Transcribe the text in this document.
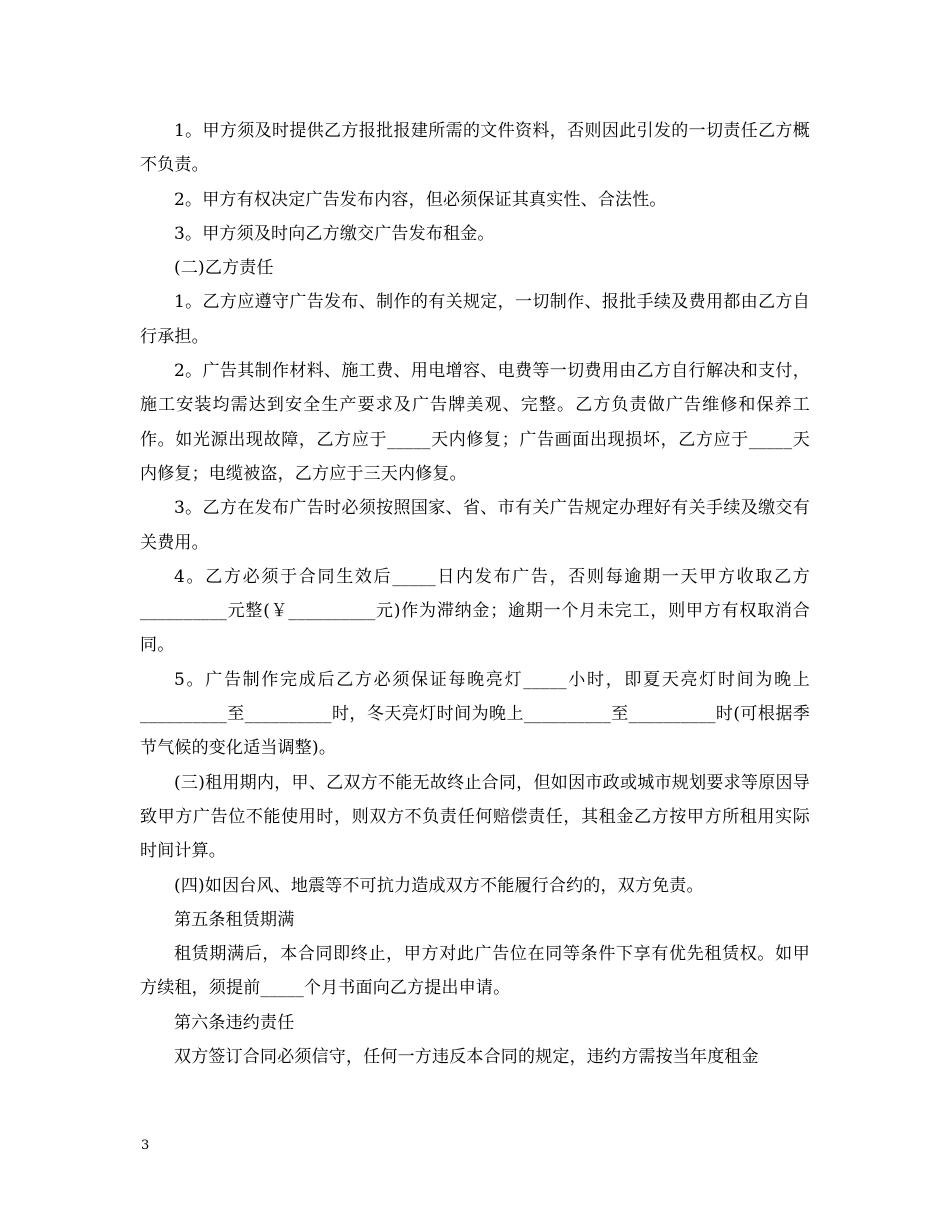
1。甲方须及时提供乙方报批报建所需的文件资料，否则因此引发的一切责任乙方概不负责。

2。甲方有权决定广告发布内容，但必须保证其真实性、合法性。

3。甲方须及时向乙方缴交广告发布租金。

(二)乙方责任

1。乙方应遵守广告发布、制作的有关规定，一切制作、报批手续及费用都由乙方自行承担。

2。广告其制作材料、施工费、用电增容、电费等一切费用由乙方自行解决和支付，施工安装均需达到安全生产要求及广告牌美观、完整。乙方负责做广告维修和保养工作。如光源出现故障，乙方应于_____天内修复；广告画面出现损坏，乙方应于_____天内修复；电缆被盗，乙方应于三天内修复。

3。乙方在发布广告时必须按照国家、省、市有关广告规定办理好有关手续及缴交有关费用。

4。乙方必须于合同生效后_____日内发布广告，否则每逾期一天甲方收取乙方__________元整(￥__________元)作为滞纳金；逾期一个月未完工，则甲方有权取消合同。

5。广告制作完成后乙方必须保证每晚亮灯_____小时，即夏天亮灯时间为晚上__________至__________时，冬天亮灯时间为晚上__________至__________时(可根据季节气候的变化适当调整)。

(三)租用期内，甲、乙双方不能无故终止合同，但如因市政或城市规划要求等原因导致甲方广告位不能使用时，则双方不负责任何赔偿责任，其租金乙方按甲方所租用实际时间计算。

(四)如因台风、地震等不可抗力造成双方不能履行合约的，双方免责。

第五条租赁期满

租赁期满后，本合同即终止，甲方对此广告位在同等条件下享有优先租赁权。如甲方续租，须提前_____个月书面向乙方提出申请。

第六条违约责任

双方签订合同必须信守，任何一方违反本合同的规定，违约方需按当年度租金

3
